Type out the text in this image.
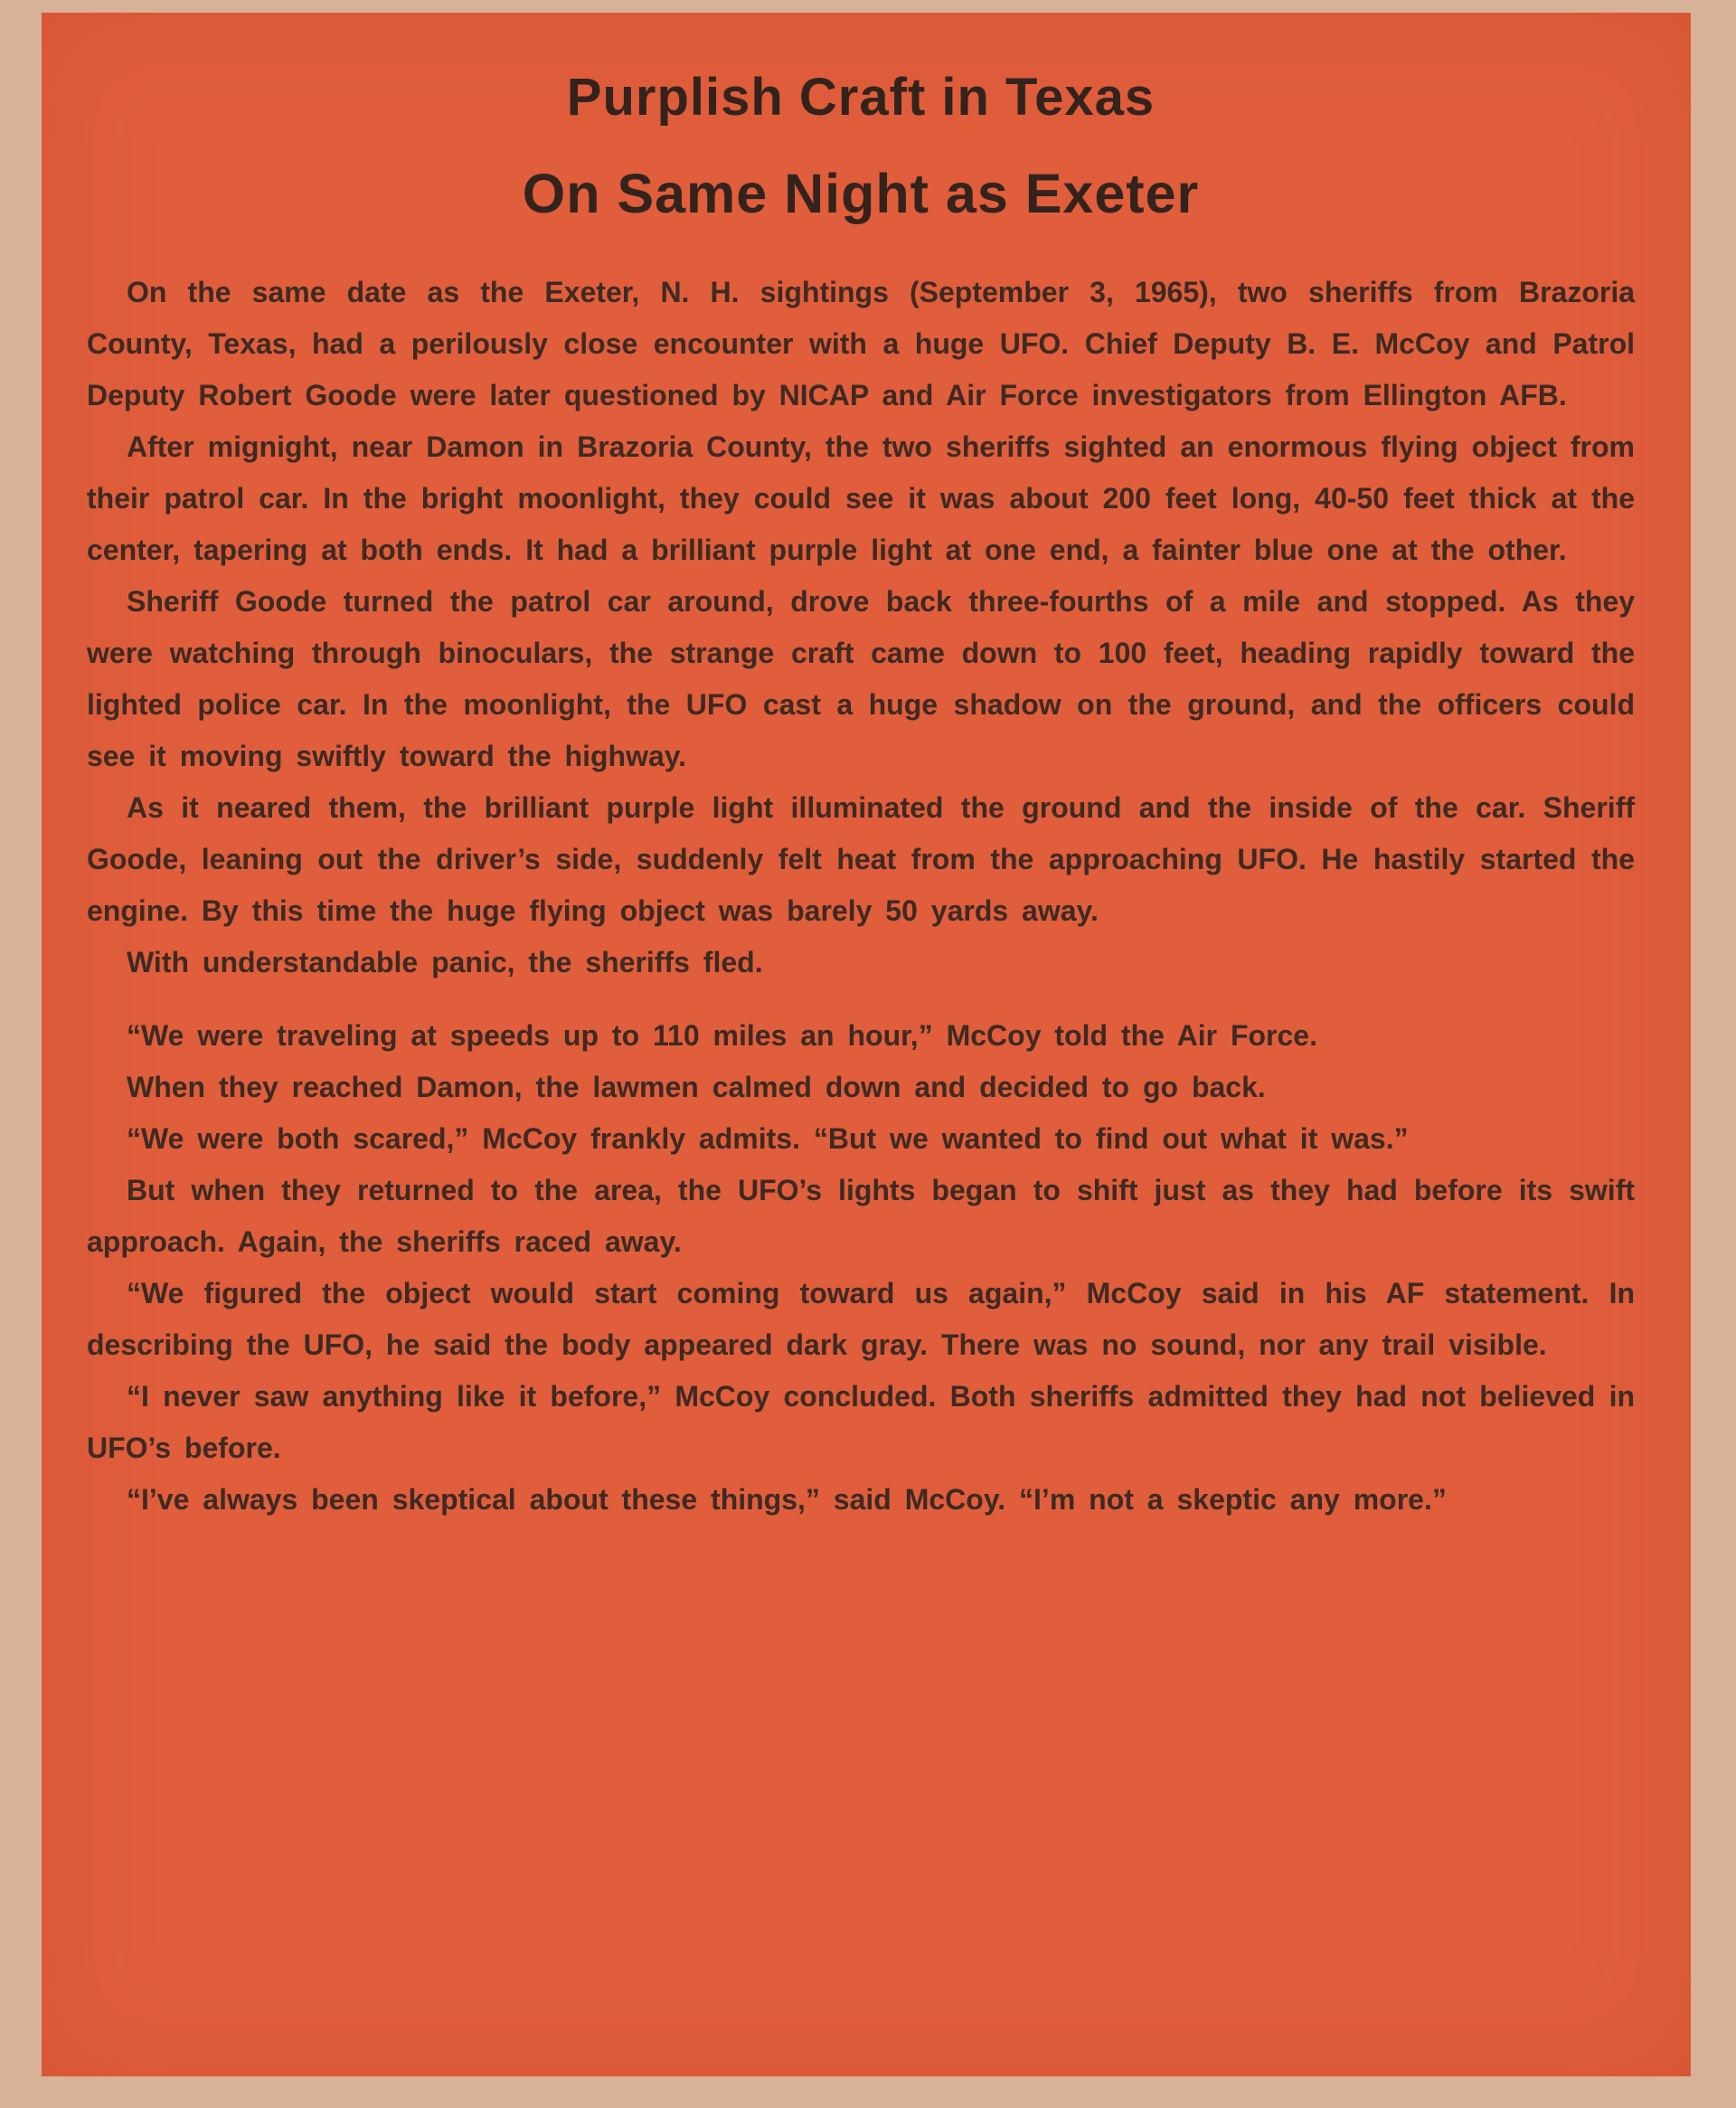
Purplish Craft in Texas
On Same Night as Exeter

On the same date as the Exeter, N. H. sightings (September 3, 1965), two sheriffs from Brazoria County, Texas, had a perilously close encounter with a huge UFO. Chief Deputy B. E. McCoy and Patrol Deputy Robert Goode were later questioned by NICAP and Air Force investigators from Ellington AFB.

After mignight, near Damon in Brazoria County, the two sheriffs sighted an enormous flying object from their patrol car. In the bright moonlight, they could see it was about 200 feet long, 40-50 feet thick at the center, tapering at both ends. It had a brilliant purple light at one end, a fainter blue one at the other.

Sheriff Goode turned the patrol car around, drove back three-fourths of a mile and stopped. As they were watching through binoculars, the strange craft came down to 100 feet, heading rapidly toward the lighted police car. In the moonlight, the UFO cast a huge shadow on the ground, and the officers could see it moving swiftly toward the highway.

As it neared them, the brilliant purple light illuminated the ground and the inside of the car. Sheriff Goode, leaning out the driver’s side, suddenly felt heat from the approaching UFO. He hastily started the engine. By this time the huge flying object was barely 50 yards away.

With understandable panic, the sheriffs fled.

“We were traveling at speeds up to 110 miles an hour,” McCoy told the Air Force.

When they reached Damon, the lawmen calmed down and decided to go back.

“We were both scared,” McCoy frankly admits. “But we wanted to find out what it was.”

But when they returned to the area, the UFO’s lights began to shift just as they had before its swift approach. Again, the sheriffs raced away.

“We figured the object would start coming toward us again,” McCoy said in his AF statement. In describing the UFO, he said the body appeared dark gray. There was no sound, nor any trail visible.

“I never saw anything like it before,” McCoy concluded. Both sheriffs admitted they had not believed in UFO’s before.

“I’ve always been skeptical about these things,” said McCoy. “I’m not a skeptic any more.”
